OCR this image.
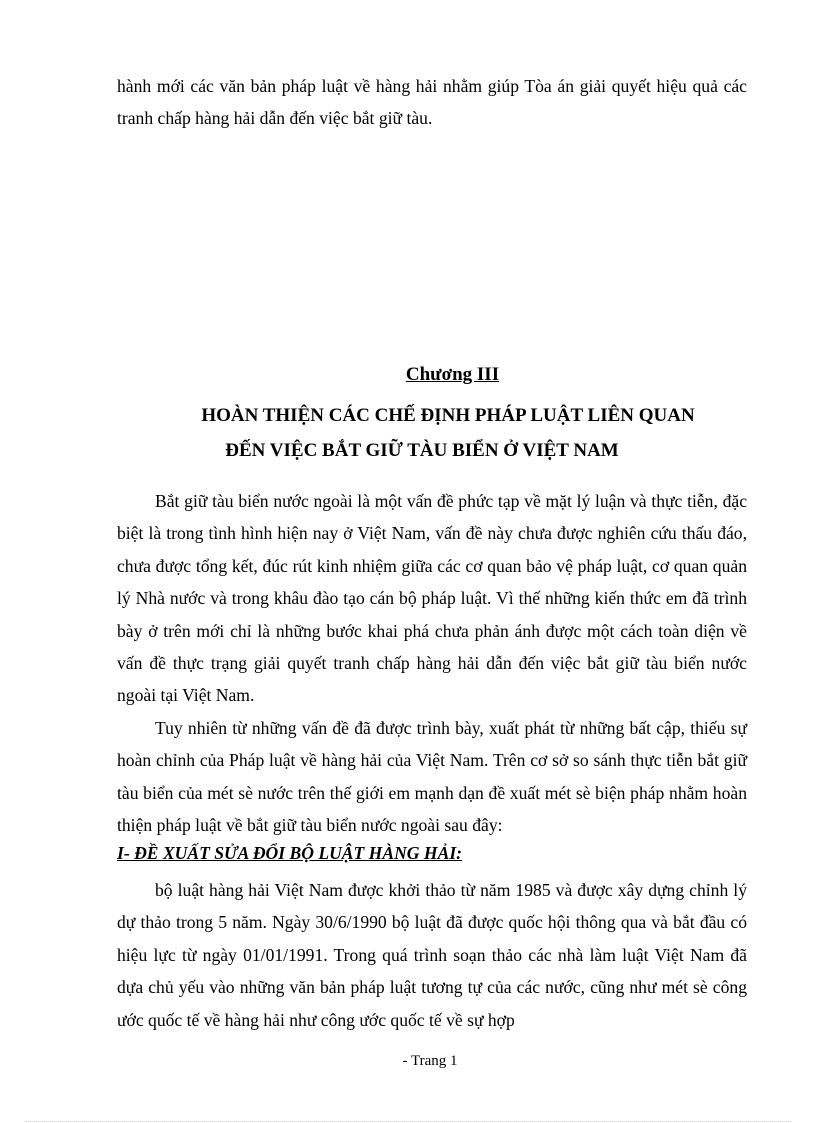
hành mới các văn bản pháp luật về hàng hải nhằm giúp Tòa án giải quyết hiệu quả các tranh chấp hàng hải dẫn đến việc bắt giữ tàu.

Chương III

HOÀN THIỆN CÁC CHẾ ĐỊNH PHÁP LUẬT LIÊN QUAN
ĐẾN VIỆC BẮT GIỮ TÀU BIỂN Ở VIỆT NAM

Bắt giữ tàu biển nước ngoài là một vấn đề phức tạp về mặt lý luận và thực tiễn, đặc biệt là trong tình hình hiện nay ở Việt Nam, vấn đề này chưa được nghiên cứu thấu đáo, chưa được tổng kết, đúc rút kinh nhiệm giữa các cơ quan bảo vệ pháp luật, cơ quan quản lý Nhà nước và trong khâu đào tạo cán bộ pháp luật. Vì thế những kiến thức em đã trình bày ở trên mới chỉ là những bước khai phá chưa phản ánh được một cách toàn diện về vấn đề thực trạng giải quyết tranh chấp hàng hải dẫn đến việc bắt giữ tàu biển nước ngoài tại Việt Nam.

Tuy nhiên từ những vấn đề đã được trình bày, xuất phát từ những bất cập, thiếu sự hoàn chỉnh của Pháp luật về hàng hải của Việt Nam. Trên cơ sở so sánh thực tiễn bắt giữ tàu biển của mét sè nước trên thế giới em mạnh dạn đề xuất mét sè biện pháp nhằm hoàn thiện pháp luật về bắt giữ tàu biển nước ngoài sau đây:

I- ĐỀ XUẤT SỬA ĐỔI BỘ LUẬT HÀNG HẢI:

bộ luật hàng hải Việt Nam được khởi thảo từ năm 1985 và được xây dựng chỉnh lý dự thảo trong 5 năm. Ngày 30/6/1990 bộ luật đã được quốc hội thông qua và bắt đầu có hiệu lực từ ngày 01/01/1991. Trong quá trình soạn thảo các nhà làm luật Việt Nam đã dựa chủ yếu vào những văn bản pháp luật tương tự của các nước, cũng như mét sè công ước quốc tế về hàng hải như công ước quốc tế về sự hợp

- Trang 1
